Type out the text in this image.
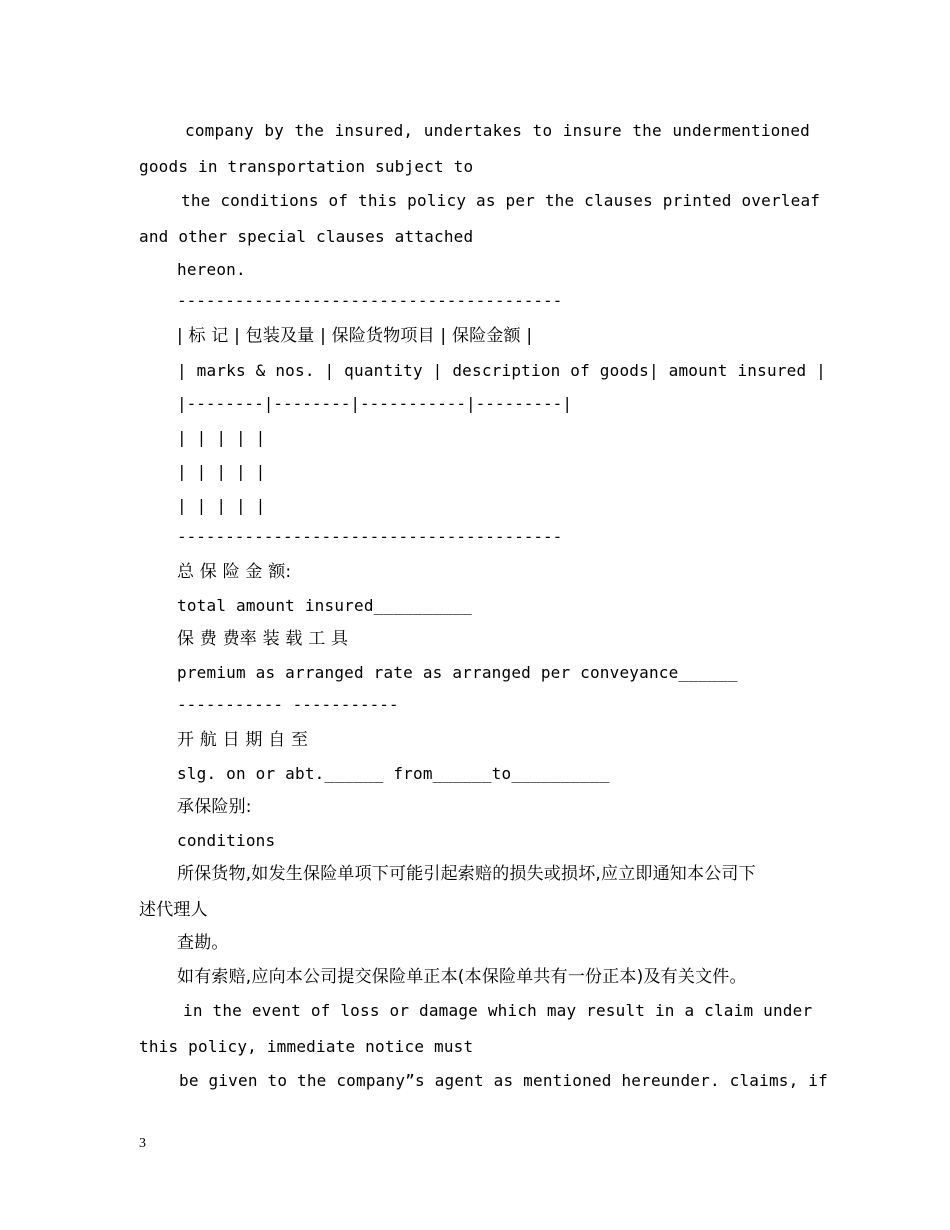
company by the insured, undertakes to insure the undermentioned
goods in transportation subject to
the conditions of this policy as per the clauses printed overleaf
and other special clauses attached
hereon.
----------------------------------------
| 标 记 | 包装及量 | 保险货物项目 | 保险金额 |
| marks & nos. | quantity | description of goods| amount insured |
|--------|--------|-----------|---------|
| | | | |
| | | | |
| | | | |
----------------------------------------
总 保 险 金 额:
total amount insured__________
保 费 费率 装 载 工 具
premium as arranged rate as arranged per conveyance______
----------- -----------
开 航 日 期 自 至
slg. on or abt.______ from______to__________
承保险别:
conditions
所保货物,如发生保险单项下可能引起索赔的损失或损坏,应立即通知本公司下
述代理人
查勘。
如有索赔,应向本公司提交保险单正本(本保险单共有一份正本)及有关文件。
in the event of loss or damage which may result in a claim under
this policy, immediate notice must
be given to the company”s agent as mentioned hereunder. claims, if
3
